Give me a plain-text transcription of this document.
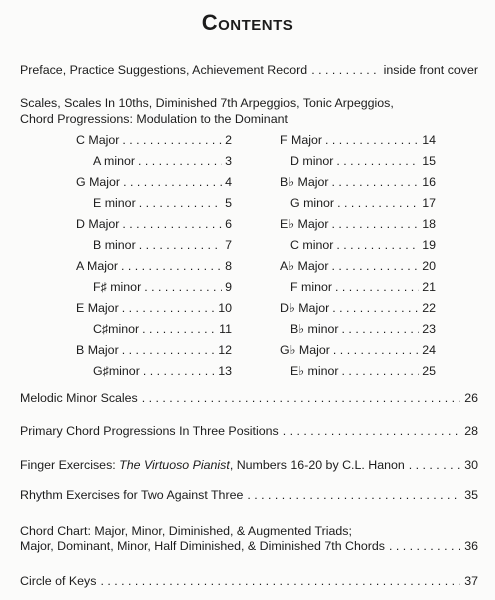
Contents
Preface, Practice Suggestions, Achievement Record . . .	inside front cover
Scales, Scales In 10ths, Diminished 7th Arpeggios, Tonic Arpeggios,
Chord Progressions: Modulation to the Dominant
C Major . . .	2
A minor . . .	3
G Major . . .	4
E minor . . .	5
D Major . . .	6
B minor . . .	7
A Major . . .	8
F♯ minor . . .	9
E Major . . .	10
C♯minor . . .	11
B Major . . .	12
G♯minor . . .	13
F Major . . .	14
D minor . . .	15
B♭ Major . . .	16
G minor . . .	17
E♭ Major . . .	18
C minor . . .	19
A♭ Major . . .	20
F minor . . .	21
D♭ Major . . .	22
B♭ minor . . .	23
G♭ Major . . .	24
E♭ minor . . .	25
Melodic Minor Scales . . .	26
Primary Chord Progressions In Three Positions . . .	28
Finger Exercises: The Virtuoso Pianist, Numbers 16-20 by C.L. Hanon . . .	30
Rhythm Exercises for Two Against Three . . .	35
Chord Chart: Major, Minor, Diminished, & Augmented Triads;
Major, Dominant, Minor, Half Diminished, & Diminished 7th Chords . . .	36
Circle of Keys . . .	37
